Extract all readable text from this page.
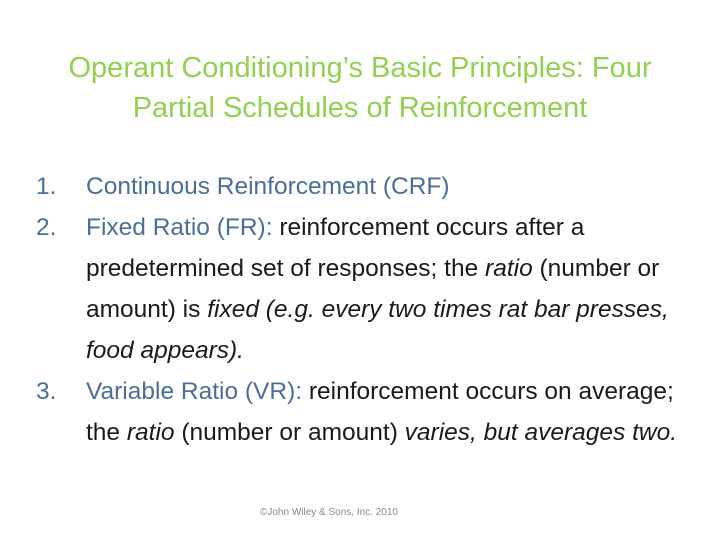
Operant Conditioning’s Basic Principles: Four
Partial Schedules of Reinforcement
1. Continuous Reinforcement (CRF)
2. Fixed Ratio (FR): reinforcement occurs after a predetermined set of responses; the ratio (number or amount) is fixed (e.g. every two times rat bar presses, food appears).
3. Variable Ratio (VR): reinforcement occurs on average; the ratio (number or amount) varies, but averages two.
©John Wiley & Sons, Inc. 2010
